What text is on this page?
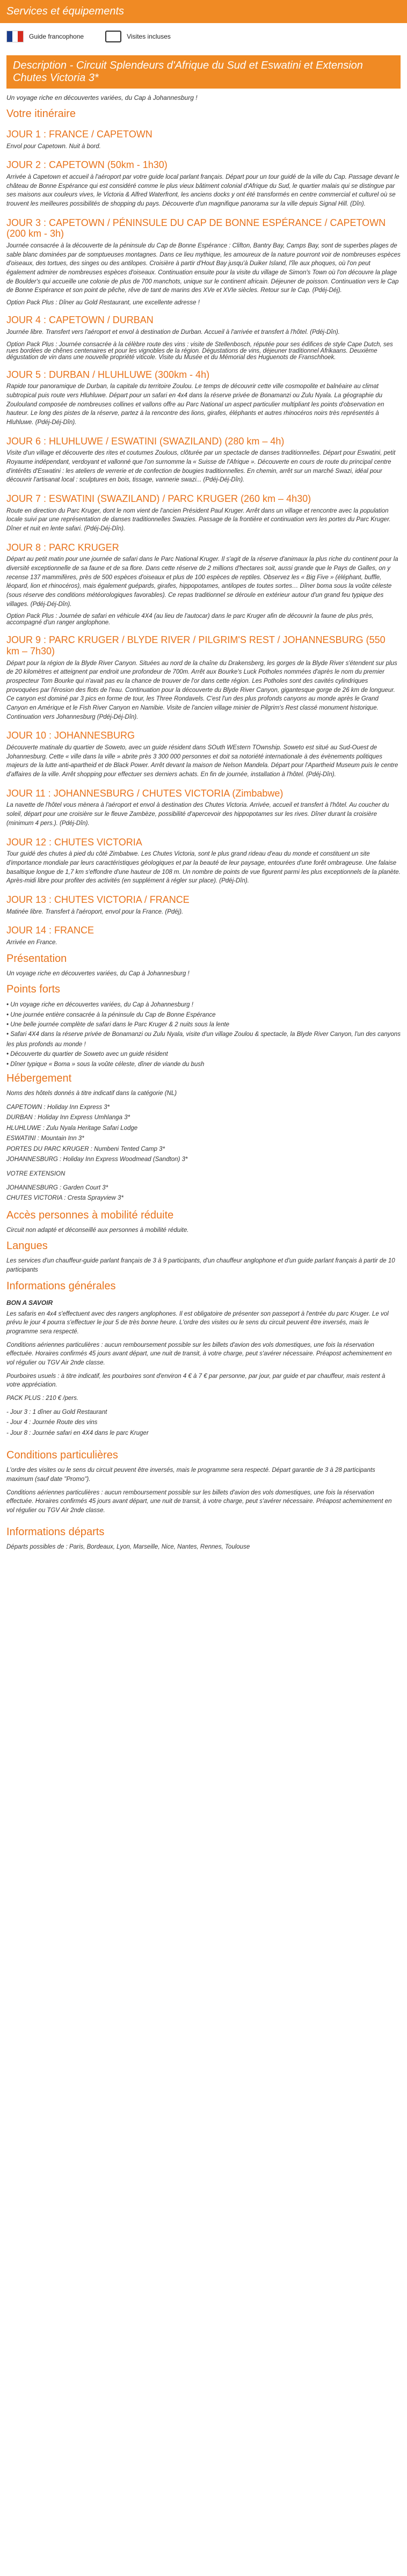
Services et équipements
Guide francophone	Visites incluses
Description - Circuit Splendeurs d'Afrique du Sud et Eswatini et Extension Chutes Victoria 3*
Un voyage riche en découvertes variées, du Cap à Johannesburg !
Votre itinéraire
JOUR 1 : FRANCE / CAPETOWN
Envol pour Capetown. Nuit à bord.
JOUR 2 : CAPETOWN (50km - 1h30)
Arrivée à Capetown et accueil à l'aéroport par votre guide local parlant français. Départ pour un tour guidé de la ville du Cap. Passage devant le château de Bonne Espérance qui est considéré comme le plus vieux bâtiment colonial d'Afrique du Sud, le quartier malais qui se distingue par ses maisons aux couleurs vives, le Victoria & Alfred Waterfront, les anciens docks y ont été transformés en centre commercial et culturel où se trouvent les meilleures possibilités de shopping du pays. Découverte d'un magnifique panorama sur la ville depuis Signal Hill. (Dîn).
JOUR 3 : CAPETOWN / PÉNINSULE DU CAP DE BONNE ESPÉRANCE / CAPETOWN (200 km - 3h)
Journée consacrée à la découverte de la péninsule du Cap de Bonne Espérance : Clifton, Bantry Bay, Camps Bay, sont de superbes plages de sable blanc dominées par de somptueuses montagnes. Dans ce lieu mythique, les amoureux de la nature pourront voir de nombreuses espèces d'oiseaux, des tortues, des singes ou des antilopes. Croisière à partir d'Hout Bay jusqu'à Duiker Island, l'île aux phoques, où l'on peut également admirer de nombreuses espèces d'oiseaux. Continuation ensuite pour la visite du village de Simon's Town où l'on découvre la plage de Boulder's qui accueille une colonie de plus de 700 manchots, unique sur le continent africain. Déjeuner de poisson. Continuation vers le Cap de Bonne Espérance et son point de pêche, rêve de tant de marins des XVe et XVIe siècles. Retour sur le Cap. (Pdéj-Déj).
Option Pack Plus : Dîner au Gold Restaurant, une excellente adresse !
JOUR 4 : CAPETOWN / DURBAN
Journée libre. Transfert vers l'aéroport et envol à destination de Durban. Accueil à l'arrivée et transfert à l'hôtel. (Pdéj-Dîn).
Option Pack Plus : Journée consacrée à la célèbre route des vins : visite de Stellenbosch, réputée pour ses édifices de style Cape Dutch, ses rues bordées de chênes centenaires et pour les vignobles de la région. Dégustations de vins, déjeuner traditionnel Afrikaans. Deuxième dégustation de vin dans une nouvelle propriété viticole. Visite du Musée et du Mémorial des Huguenots de Franschhoek.
JOUR 5 : DURBAN / HLUHLUWE (300km - 4h)
Rapide tour panoramique de Durban, la capitale du territoire Zoulou. Le temps de découvrir cette ville cosmopolite et balnéaire au climat subtropical puis route vers Hluhluwe. Départ pour un safari en 4x4 dans la réserve privée de Bonamanzi ou Zulu Nyala. La géographie du Zoulouland composée de nombreuses collines et vallons offre au Parc National un aspect particulier multipliant les points d'observation en hauteur. Le long des pistes de la réserve, partez à la rencontre des lions, girafes, éléphants et autres rhinocéros noirs très représentés à Hluhluwe. (Pdéj-Déj-Dîn).
JOUR 6 : HLUHLUWE / ESWATINI (SWAZILAND) (280 km – 4h)
Visite d'un village et découverte des rites et coutumes Zoulous, clôturée par un spectacle de danses traditionnelles. Départ pour Eswatini, petit Royaume indépendant, verdoyant et vallonné que l'on surnomme la « Suisse de l'Afrique ». Découverte en cours de route du principal centre d'intérêts d'Eswatini : les ateliers de verrerie et de confection de bougies traditionnelles. En chemin, arrêt sur un marché Swazi, idéal pour découvrir l'artisanat local : sculptures en bois, tissage, vannerie swazi... (Pdéj-Déj-Dîn).
JOUR 7 : ESWATINI (SWAZILAND) / PARC KRUGER (260 km – 4h30)
Route en direction du Parc Kruger, dont le nom vient de l'ancien Président Paul Kruger. Arrêt dans un village et rencontre avec la population locale suivi par une représentation de danses traditionnelles Swazies. Passage de la frontière et continuation vers les portes du Parc Kruger. Dîner et nuit en lente safari. (Pdéj-Déj-Dîn).
JOUR 8 : PARC KRUGER
Départ au petit matin pour une journée de safari dans le Parc National Kruger. Il s'agit de la réserve d'animaux la plus riche du continent pour la diversité exceptionnelle de sa faune et de sa flore. Dans cette réserve de 2 millions d'hectares soit, aussi grande que le Pays de Galles, on y recense 137 mammifères, près de 500 espèces d'oiseaux et plus de 100 espèces de reptiles. Observez les « Big Five » (éléphant, buffle, léopard, lion et rhinocéros), mais également guépards, girafes, hippopotames, antilopes de toutes sortes… Dîner boma sous la voûte céleste (sous réserve des conditions météorologiques favorables). Ce repas traditionnel se déroule en extérieur autour d'un grand feu typique des villages. (Pdéj-Déj-Dîn).
Option Pack Plus : Journée de safari en véhicule 4X4 (au lieu de l'autocar) dans le parc Kruger afin de découvrir la faune de plus près, accompagné d'un ranger anglophone.
JOUR 9 : PARC KRUGER / BLYDE RIVER / PILGRIM'S REST / JOHANNESBURG (550 km – 7h30)
Départ pour la région de la Blyde River Canyon. Situées au nord de la chaîne du Drakensberg, les gorges de la Blyde River s'étendent sur plus de 20 kilomètres et atteignent par endroit une profondeur de 700m. Arrêt aux Bourke's Luck Potholes nommées d'après le nom du premier prospecteur Tom Bourke qui n'avait pas eu la chance de trouver de l'or dans cette région. Les Potholes sont des cavités cylindriques provoquées par l'érosion des flots de l'eau. Continuation pour la découverte du Blyde River Canyon, gigantesque gorge de 26 km de longueur. Ce canyon est dominé par 3 pics en forme de tour, les Three Rondavels. C'est l'un des plus profonds canyons au monde après le Grand Canyon en Amérique et le Fish River Canyon en Namibie. Visite de l'ancien village minier de Pilgrim's Rest classé monument historique. Continuation vers Johannesburg (Pdéj-Déj-Dîn).
JOUR 10 : JOHANNESBURG
Découverte matinale du quartier de Soweto, avec un guide résident dans SOuth WEstern TOwnship. Soweto est situé au Sud-Ouest de Johannesburg. Cette « ville dans la ville » abrite près 3 300 000 personnes et doit sa notoriété internationale à des évènements politiques majeurs de la lutte anti-apartheid et de Black Power. Arrêt devant la maison de Nelson Mandela. Départ pour l'Apartheid Museum puis le centre d'affaires de la ville. Arrêt shopping pour effectuer ses derniers achats. En fin de journée, installation à l'hôtel. (Pdéj-Dîn).
JOUR 11 : JOHANNESBURG / CHUTES VICTORIA (Zimbabwe)
La navette de l'hôtel vous mènera à l'aéroport et envol à destination des Chutes Victoria. Arrivée, accueil et transfert à l'hôtel. Au coucher du soleil, départ pour une croisière sur le fleuve Zambèze, possibilité d'apercevoir des hippopotames sur les rives. Dîner durant la croisière (minimum 4 pers.). (Pdéj-Dîn).
JOUR 12 : CHUTES VICTORIA
Tour guidé des chutes à pied du côté Zimbabwe. Les Chutes Victoria, sont le plus grand rideau d'eau du monde et constituent un site d'importance mondiale par leurs caractéristiques géologiques et par la beauté de leur paysage, entourées d'une forêt ombrageuse. Une falaise basaltique longue de 1,7 km s'effondre d'une hauteur de 108 m. Un nombre de points de vue figurent parmi les plus exceptionnels de la planète. Après-midi libre pour profiter des activités (en supplément à régler sur place). (Pdéj-Dîn).
JOUR 13 : CHUTES VICTORIA / FRANCE
Matinée libre. Transfert à l'aéroport, envol pour la France. (Pdéj).
JOUR 14 : FRANCE
Arrivée en France.
Présentation
Un voyage riche en découvertes variées, du Cap à Johannesburg !
Points forts
• Un voyage riche en découvertes variées, du Cap à Johannesburg !
• Une journée entière consacrée à la péninsule du Cap de Bonne Espérance
• Une belle journée complète de safari dans le Parc Kruger & 2 nuits sous la lente
• Safari 4X4 dans la réserve privée de Bonamanzi ou Zulu Nyala, visite d'un village Zoulou & spectacle, la Blyde River Canyon, l'un des canyons les plus profonds au monde !
• Découverte du quartier de Soweto avec un guide résident
• Dîner typique « Boma » sous la voûte céleste, dîner de viande du bush
Hébergement
Noms des hôtels donnés à titre indicatif dans la catégorie (NL)
CAPETOWN : Holiday Inn Express 3*
DURBAN : Holiday Inn Express Umhlanga 3*
HLUHLUWE : Zulu Nyala Heritage Safari Lodge
ESWATINI : Mountain Inn 3*
PORTES DU PARC KRUGER : Numbeni Tented Camp 3*
JOHANNESBURG : Holiday Inn Express Woodmead (Sandton) 3*
VOTRE EXTENSION
JOHANNESBURG : Garden Court 3*
CHUTES VICTORIA : Cresta Sprayview 3*
Accès personnes à mobilité réduite
Circuit non adapté et déconseillé aux personnes à mobilité réduite.
Langues
Les services d'un chauffeur-guide parlant français de 3 à 9 participants, d'un chauffeur anglophone et d'un guide parlant français à partir de 10 participants
Informations générales
BON A SAVOIR
Les safaris en 4x4 s'effectuent avec des rangers anglophones. Il est obligatoire de présenter son passeport à l'entrée du parc Kruger. Le vol prévu le jour 4 pourra s'effectuer le jour 5 de très bonne heure. L'ordre des visites ou le sens du circuit peuvent être inversés, mais le programme sera respecté.
Conditions aériennes particulières : aucun remboursement possible sur les billets d'avion des vols domestiques, une fois la réservation effectuée. Horaires confirmés 45 jours avant départ, une nuit de transit, à votre charge, peut s'avérer nécessaire. Préapost acheminement en vol régulier ou TGV Air 2nde classe.
Pourboires usuels : à titre indicatif, les pourboires sont d'environ 4 € à 7 € par personne, par jour, par guide et par chauffeur, mais restent à votre appréciation.
PACK PLUS : 210 € /pers.
- Jour 3 : 1 dîner au Gold Restaurant
- Jour 4 : Journée Route des vins
- Jour 8 : Journée safari en 4X4 dans le parc Kruger
Conditions particulières
L'ordre des visites ou le sens du circuit peuvent être inversés, mais le programme sera respecté. Départ garantie de 3 à 28 participants maximum (sauf date "Promo").
Conditions aériennes particulières : aucun remboursement possible sur les billets d'avion des vols domestiques, une fois la réservation effectuée. Horaires confirmés 45 jours avant départ, une nuit de transit, à votre charge, peut s'avérer nécessaire. Préapost acheminement en vol régulier ou TGV Air 2nde classe.
Informations départs
Départs possibles de : Paris, Bordeaux, Lyon, Marseille, Nice, Nantes, Rennes, Toulouse
